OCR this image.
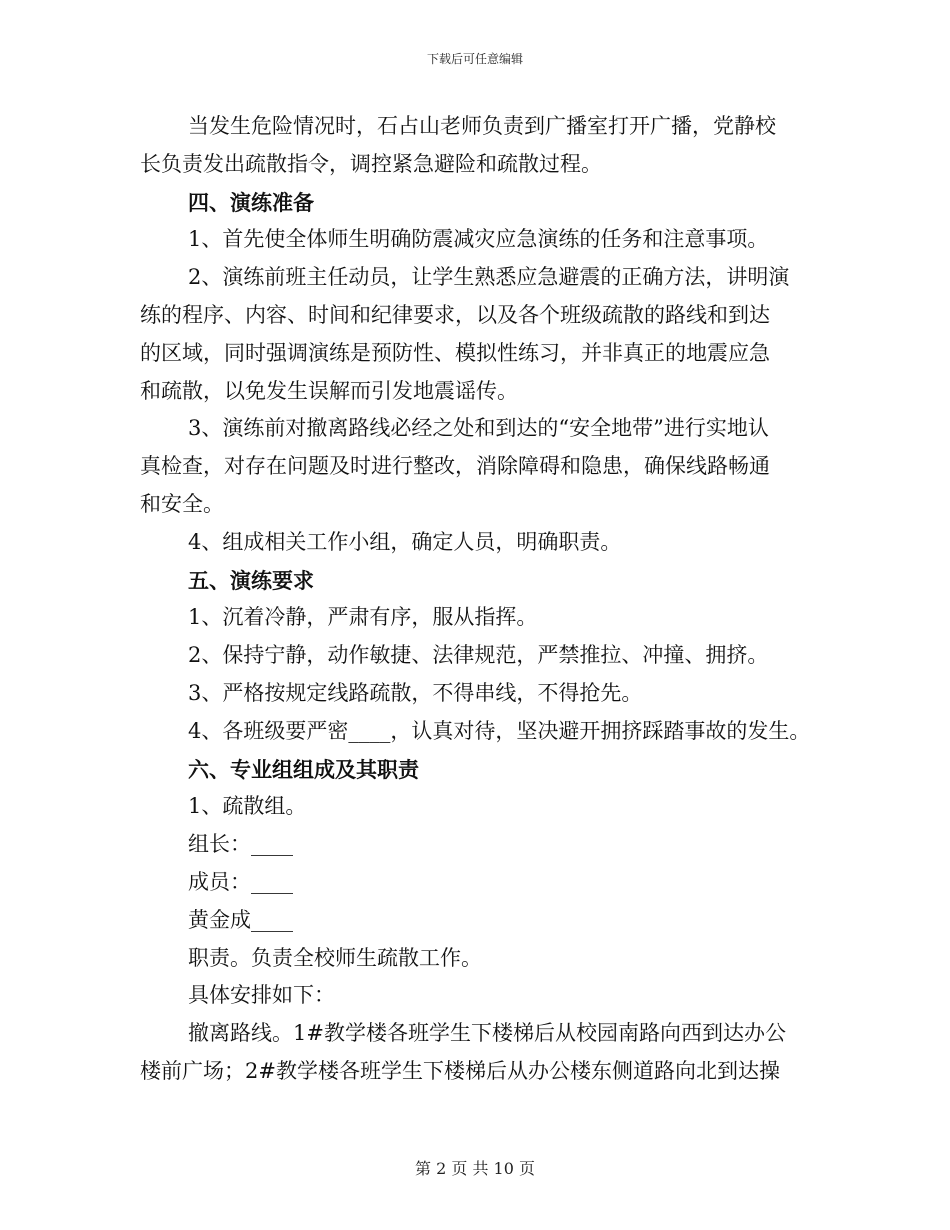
下载后可任意编辑
当发生危险情况时，石占山老师负责到广播室打开广播，党静校
长负责发出疏散指令，调控紧急避险和疏散过程。
四、演练准备
1、首先使全体师生明确防震减灾应急演练的任务和注意事项。
2、演练前班主任动员，让学生熟悉应急避震的正确方法，讲明演
练的程序、内容、时间和纪律要求，以及各个班级疏散的路线和到达
的区域，同时强调演练是预防性、模拟性练习，并非真正的地震应急
和疏散，以免发生误解而引发地震谣传。
3、演练前对撤离路线必经之处和到达的“安全地带”进行实地认
真检查，对存在问题及时进行整改，消除障碍和隐患，确保线路畅通
和安全。
4、组成相关工作小组，确定人员，明确职责。
五、演练要求
1、沉着冷静，严肃有序，服从指挥。
2、保持宁静，动作敏捷、法律规范，严禁推拉、冲撞、拥挤。
3、严格按规定线路疏散，不得串线，不得抢先。
4、各班级要严密____，认真对待，坚决避开拥挤踩踏事故的发生。
六、专业组组成及其职责
1、疏散组。
组长：____
成员：____
黄金成____
职责。负责全校师生疏散工作。
具体安排如下：
撤离路线。1#教学楼各班学生下楼梯后从校园南路向西到达办公
楼前广场；2#教学楼各班学生下楼梯后从办公楼东侧道路向北到达操
第 2 页 共 10 页
